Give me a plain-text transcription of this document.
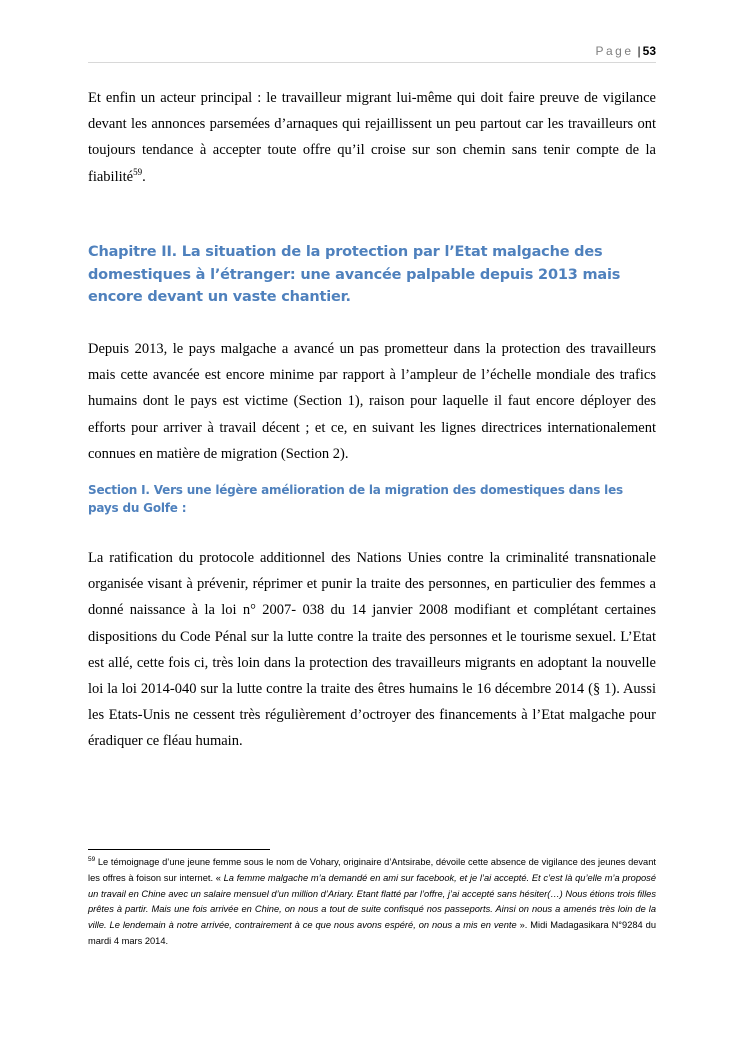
Page | 53

Et enfin un acteur principal : le travailleur migrant lui-même qui doit faire preuve de vigilance devant les annonces parsemées d’arnaques qui rejaillissent un peu partout car les travailleurs ont toujours tendance à accepter toute offre qu’il croise sur son chemin sans tenir compte de la fiabilité$^{59}$.

Chapitre II. La situation de la protection par l’Etat malgache des domestiques à l’étranger: une avancée palpable depuis 2013 mais encore devant un vaste chantier.

Depuis 2013, le pays malgache a avancé un pas prometteur dans la protection des travailleurs mais cette avancée est encore minime par rapport à l’ampleur de l’échelle mondiale des trafics humains dont le pays est victime (Section 1), raison pour laquelle il faut encore déployer des efforts pour arriver à travail décent ; et ce, en suivant les lignes directrices internationalement connues en matière de migration (Section 2).

Section I. Vers une légère amélioration de la migration des domestiques dans les pays du Golfe :

La ratification du protocole additionnel des Nations Unies contre la criminalité transnationale organisée visant à prévenir, réprimer et punir la traite des personnes, en particulier des femmes a donné naissance à la loi n° 2007- 038 du 14 janvier 2008 modifiant et complétant certaines dispositions du Code Pénal sur la lutte contre la traite des personnes et le tourisme sexuel. L’Etat est allé, cette fois ci, très loin dans la protection des travailleurs migrants en adoptant la nouvelle loi la loi 2014-040 sur la lutte contre la traite des êtres humains le 16 décembre 2014 (§ 1). Aussi les Etats-Unis ne cessent très régulièrement d’octroyer des financements à l’Etat malgache pour éradiquer ce fléau humain.

$^{59}$ Le témoignage d’une jeune femme sous le nom de Vohary, originaire d’Antsirabe, dévoile cette absence de vigilance des jeunes devant les offres à foison sur internet. « La femme malgache m’a demandé en ami sur facebook, et je l’ai accepté. Et c’est là qu’elle m’a proposé un travail en Chine avec un salaire mensuel d’un million d’Ariary. Etant flatté par l’offre, j’ai accepté sans hésiter(…) Nous étions trois filles prêtes à partir. Mais une fois arrivée en Chine, on nous a tout de suite confisqué nos passeports. Ainsi on nous a amenés très loin de la ville. Le lendemain à notre arrivée, contrairement à ce que nous avons espéré, on nous a mis en vente ». Midi Madagasikara N°9284 du mardi 4 mars 2014.
